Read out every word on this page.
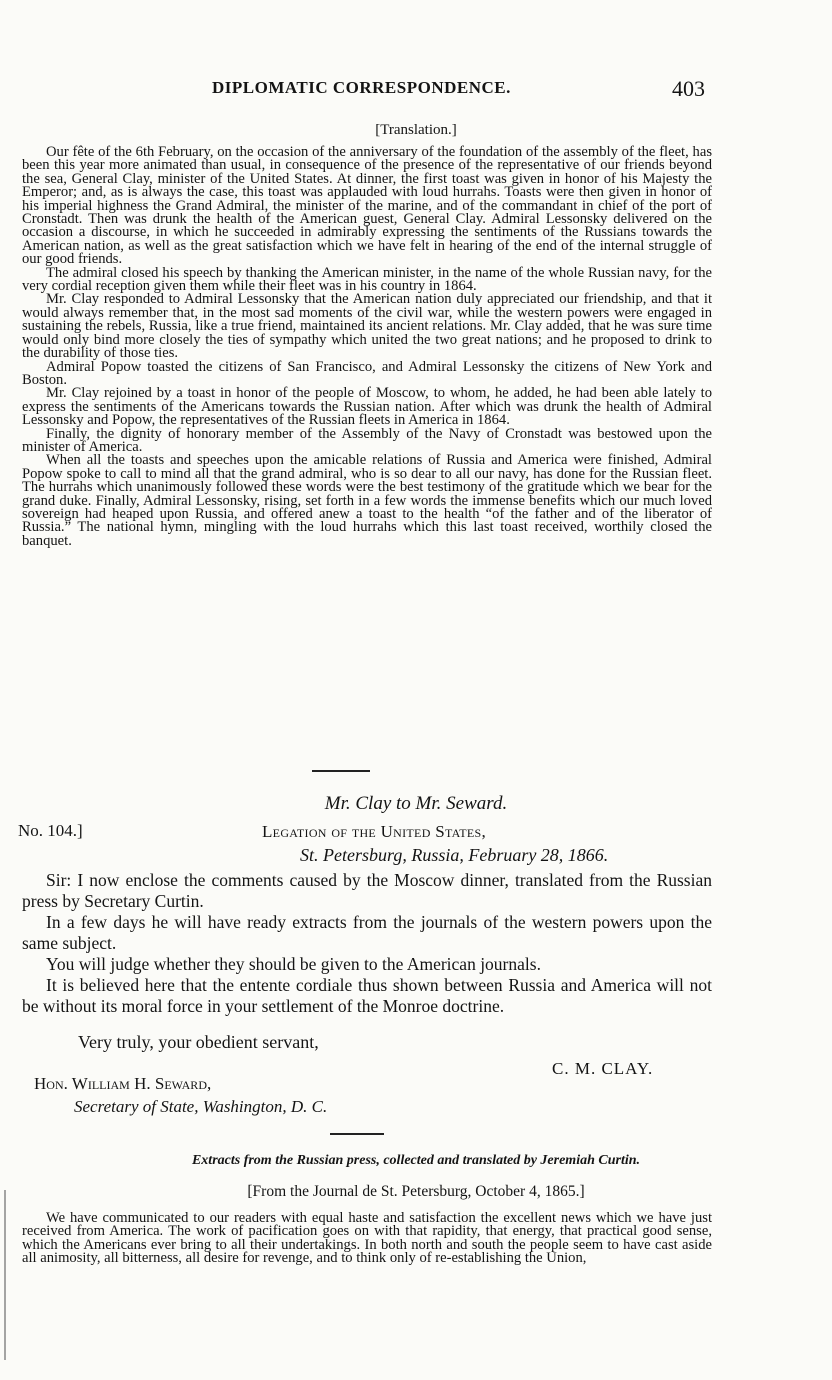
DIPLOMATIC CORRESPONDENCE.	403
[Translation.]

Our fête of the 6th February, on the occasion of the anniversary of the foundation of the assembly of the fleet, has been this year more animated than usual, in consequence of the presence of the representative of our friends beyond the sea, General Clay, minister of the United States. At dinner, the first toast was given in honor of his Majesty the Emperor; and, as is always the case, this toast was applauded with loud hurrahs. Toasts were then given in honor of his imperial highness the Grand Admiral, the minister of the marine, and of the commandant in chief of the port of Cronstadt. Then was drunk the health of the American guest, General Clay. Admiral Lessonsky delivered on the occasion a discourse, in which he succeeded in admirably expressing the sentiments of the Russians towards the American nation, as well as the great satisfaction which we have felt in hearing of the end of the internal struggle of our good friends.

The admiral closed his speech by thanking the American minister, in the name of the whole Russian navy, for the very cordial reception given them while their fleet was in his country in 1864.

Mr. Clay responded to Admiral Lessonsky that the American nation duly appreciated our friendship, and that it would always remember that, in the most sad moments of the civil war, while the western powers were engaged in sustaining the rebels, Russia, like a true friend, maintained its ancient relations. Mr. Clay added, that he was sure time would only bind more closely the ties of sympathy which united the two great nations; and he proposed to drink to the durability of those ties.

Admiral Popow toasted the citizens of San Francisco, and Admiral Lessonsky the citizens of New York and Boston.

Mr. Clay rejoined by a toast in honor of the people of Moscow, to whom, he added, he had been able lately to express the sentiments of the Americans towards the Russian nation. After which was drunk the health of Admiral Lessonsky and Popow, the representatives of the Russian fleets in America in 1864.

Finally, the dignity of honorary member of the Assembly of the Navy of Cronstadt was bestowed upon the minister of America.

When all the toasts and speeches upon the amicable relations of Russia and America were finished, Admiral Popow spoke to call to mind all that the grand admiral, who is so dear to all our navy, has done for the Russian fleet. The hurrahs which unanimously followed these words were the best testimony of the gratitude which we bear for the grand duke. Finally, Admiral Lessonsky, rising, set forth in a few words the immense benefits which our much loved sovereign had heaped upon Russia, and offered anew a toast to the health “of the father and of the liberator of Russia.” The national hymn, mingling with the loud hurrahs which this last toast received, worthily closed the banquet.

Mr. Clay to Mr. Seward.
No. 104.]	Legation of the United States,
St. Petersburg, Russia, February 28, 1866.

Sir: I now enclose the comments caused by the Moscow dinner, translated from the Russian press by Secretary Curtin.

In a few days he will have ready extracts from the journals of the western powers upon the same subject.

You will judge whether they should be given to the American journals.

It is believed here that the entente cordiale thus shown between Russia and America will not be without its moral force in your settlement of the Monroe doctrine.

Very truly, your obedient servant,
C. M. CLAY.
Hon. William H. Seward,
Secretary of State, Washington, D. C.
Extracts from the Russian press, collected and translated by Jeremiah Curtin.
[From the Journal de St. Petersburg, October 4, 1865.]

We have communicated to our readers with equal haste and satisfaction the excellent news which we have just received from America. The work of pacification goes on with that rapidity, that energy, that practical good sense, which the Americans ever bring to all their undertakings. In both north and south the people seem to have cast aside all animosity, all bitterness, all desire for revenge, and to think only of re-establishing the Union,
